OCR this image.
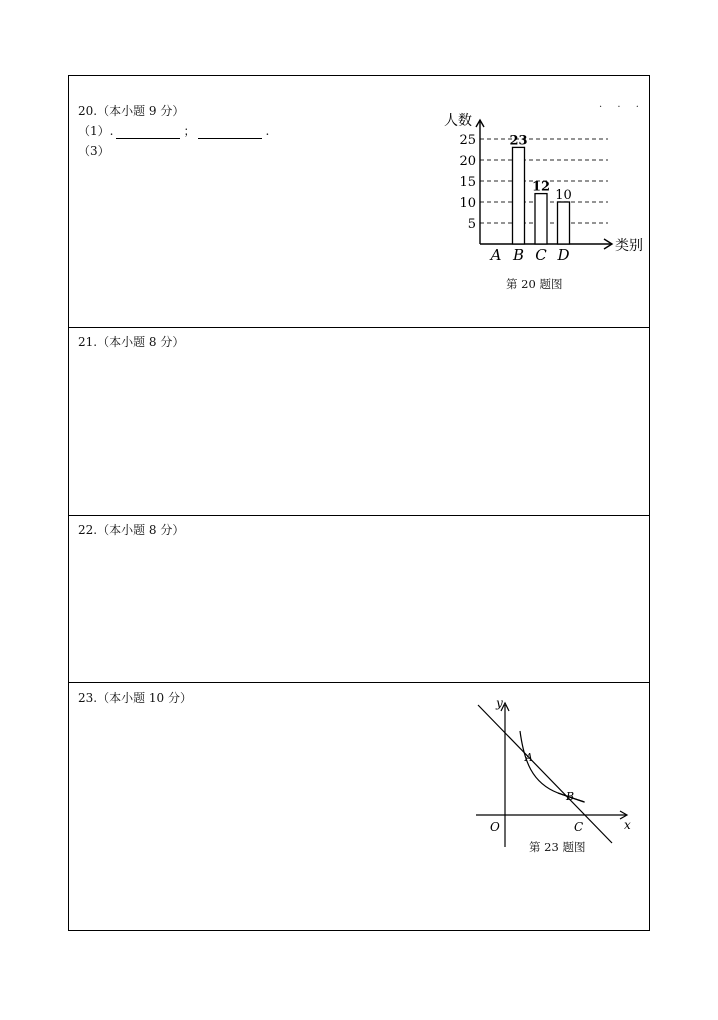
20.（本小题 9 分）
（1）.	；	.
（3）
· · ·
5
10
15
20
25
人数
类别
A
23
B
12
C
10
D
第 20 题图
21.（本小题 8 分）
22.（本小题 8 分）
23.（本小题 10 分）	y
x
O
A
B
C
第 23 题图
